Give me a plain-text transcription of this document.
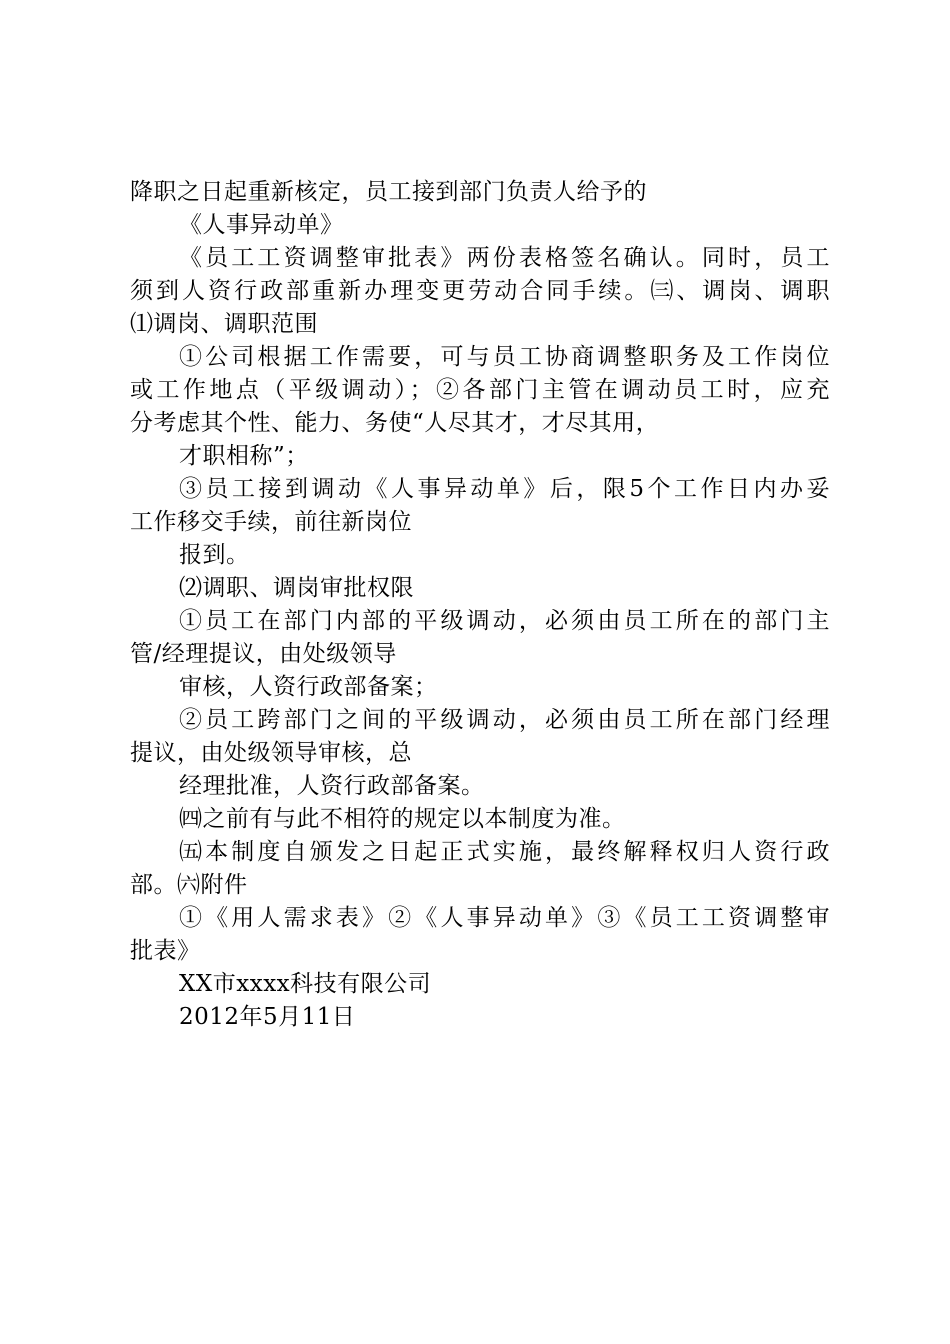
降职之日起重新核定，员工接到部门负责人给予的
《人事异动单》
《员工工资调整审批表》两份表格签名确认。同时，员工
须到人资行政部重新办理变更劳动合同手续。㈢、调岗、调职
⑴调岗、调职范围
①公司根据工作需要，可与员工协商调整职务及工作岗位
或工作地点（平级调动）；②各部门主管在调动员工时，应充
分考虑其个性、能力、务使“人尽其才，才尽其用，
才职相称”；
③员工接到调动《人事异动单》后，限5个工作日内办妥
工作移交手续，前往新岗位
报到。
⑵调职、调岗审批权限
①员工在部门内部的平级调动，必须由员工所在的部门主
管/经理提议，由处级领导
审核，人资行政部备案；
②员工跨部门之间的平级调动，必须由员工所在部门经理
提议，由处级领导审核，总
经理批准，人资行政部备案。
㈣之前有与此不相符的规定以本制度为准。
㈤本制度自颁发之日起正式实施，最终解释权归人资行政
部。㈥附件
①《用人需求表》②《人事异动单》③《员工工资调整审
批表》
XX市xxxx科技有限公司
2012年5月11日
